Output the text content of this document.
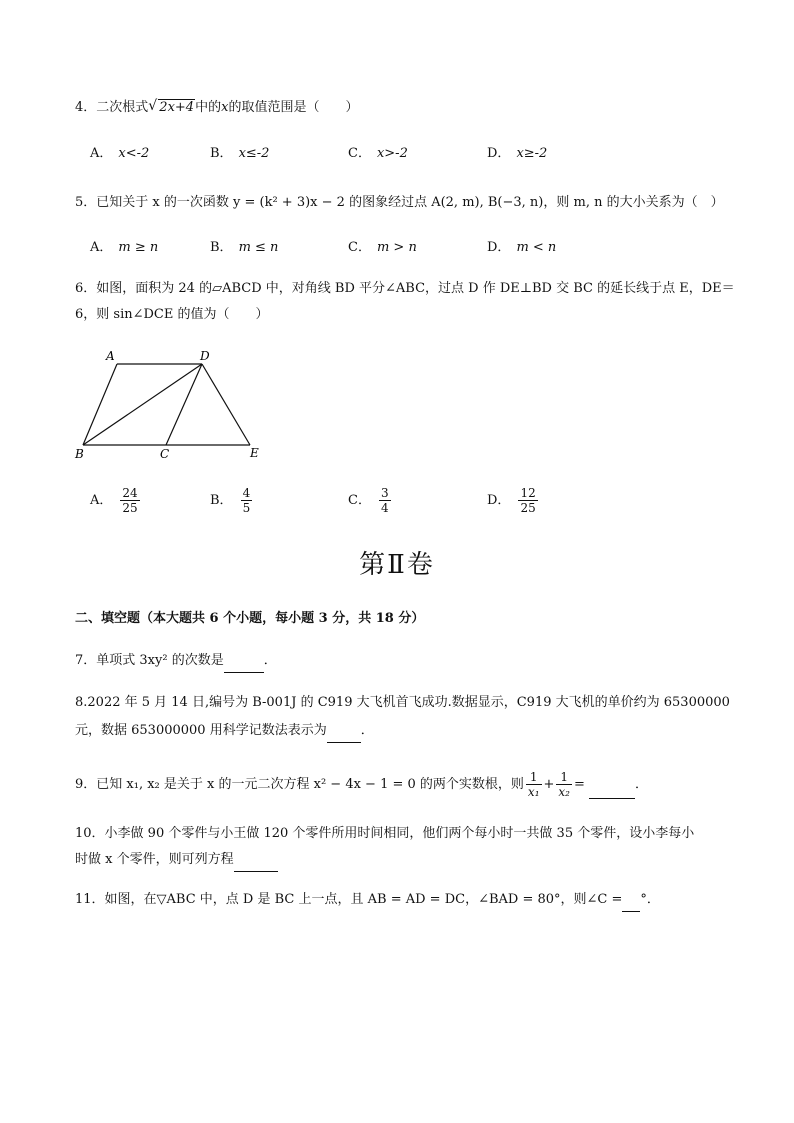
4．二次根式√ 2x+4中的x的取值范围是（　　）
A． x<-2	B． x≤-2	C． x>-2	D． x≥-2
5．已知关于 x 的一次函数 y = (k² + 3)x − 2 的图象经过点 A(2, m), B(−3, n)，则 m, n 的大小关系为（　）
A． m ≥ n	B． m ≤ n	C． m > n	D． m < n
6．如图，面积为 24 的▱ABCD 中，对角线 BD 平分∠ABC，过点 D 作 DE⊥BD 交 BC 的延长线于点 E，DE＝
6，则 sin∠DCE 的值为（　　）
A	D
B	C	E
A． $\frac{24}{25}$	B． $\frac{4}{5}$	C． $\frac{3}{4}$	D． $\frac{12}{25}$
第Ⅱ卷
二、填空题（本大题共 6 个小题，每小题 3 分，共 18 分）
7．单项式 3xy² 的次数是	．
8.2022 年 5 月 14 日,编号为 B-001J 的 C919 大飞机首飞成功.数据显示，C919 大飞机的单价约为 65300000
元，数据 653000000 用科学记数法表示为	．
9．已知 x₁, x₂ 是关于 x 的一元二次方程 x² − 4x − 1 = 0 的两个实数根，则 $\frac{1}{\text{x₁}} + \frac{1}{\text{x₂}}$ =	．
10．小李做 90 个零件与小王做 120 个零件所用时间相同，他们两个每小时一共做 35 个零件，设小李每小
时做 x 个零件，则可列方程
11．如图，在▽ABC 中，点 D 是 BC 上一点，且 AB = AD = DC，∠BAD = 80°，则∠C = °．
